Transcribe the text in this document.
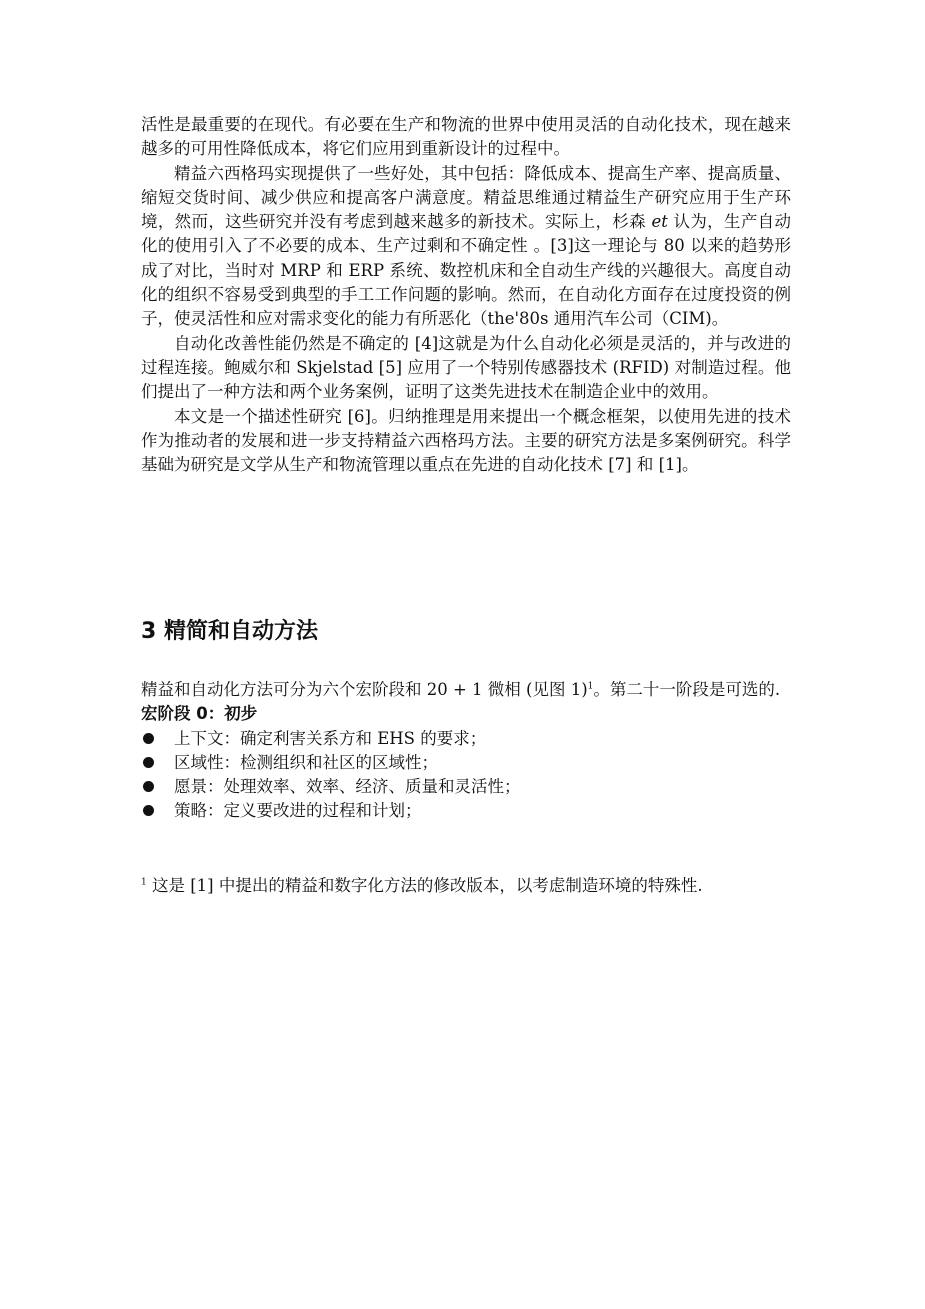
活性是最重要的在现代。有必要在生产和物流的世界中使用灵活的自动化技术，现在越来越多的可用性降低成本，将它们应用到重新设计的过程中。

精益六西格玛实现提供了一些好处，其中包括：降低成本、提高生产率、提高质量、缩短交货时间、减少供应和提高客户满意度。精益思维通过精益生产研究应用于生产环境，然而，这些研究并没有考虑到越来越多的新技术。实际上，杉森 et 认为，生产自动化的使用引入了不必要的成本、生产过剩和不确定性 。[3]这一理论与 80 以来的趋势形成了对比，当时对 MRP 和 ERP 系统、数控机床和全自动生产线的兴趣很大。高度自动化的组织不容易受到典型的手工工作问题的影响。然而，在自动化方面存在过度投资的例子，使灵活性和应对需求变化的能力有所恶化（the'80s 通用汽车公司（CIM)。

自动化改善性能仍然是不确定的 [4]这就是为什么自动化必须是灵活的，并与改进的过程连接。鲍威尔和 Skjelstad [5] 应用了一个特别传感器技术 (RFID) 对制造过程。他们提出了一种方法和两个业务案例，证明了这类先进技术在制造企业中的效用。

本文是一个描述性研究 [6]。归纳推理是用来提出一个概念框架，以使用先进的技术作为推动者的发展和进一步支持精益六西格玛方法。主要的研究方法是多案例研究。科学基础为研究是文学从生产和物流管理以重点在先进的自动化技术 [7] 和 [1]。

3 精简和自动方法

精益和自动化方法可分为六个宏阶段和 20 + 1 微相 (见图 1)$^1$。第二十一阶段是可选的.

宏阶段 0：初步

上下文：确定利害关系方和 EHS 的要求；
区域性：检测组织和社区的区域性；
愿景：处理效率、效率、经济、质量和灵活性；
策略：定义要改进的过程和计划；

$^1$ 这是 [1] 中提出的精益和数字化方法的修改版本，以考虑制造环境的特殊性.
